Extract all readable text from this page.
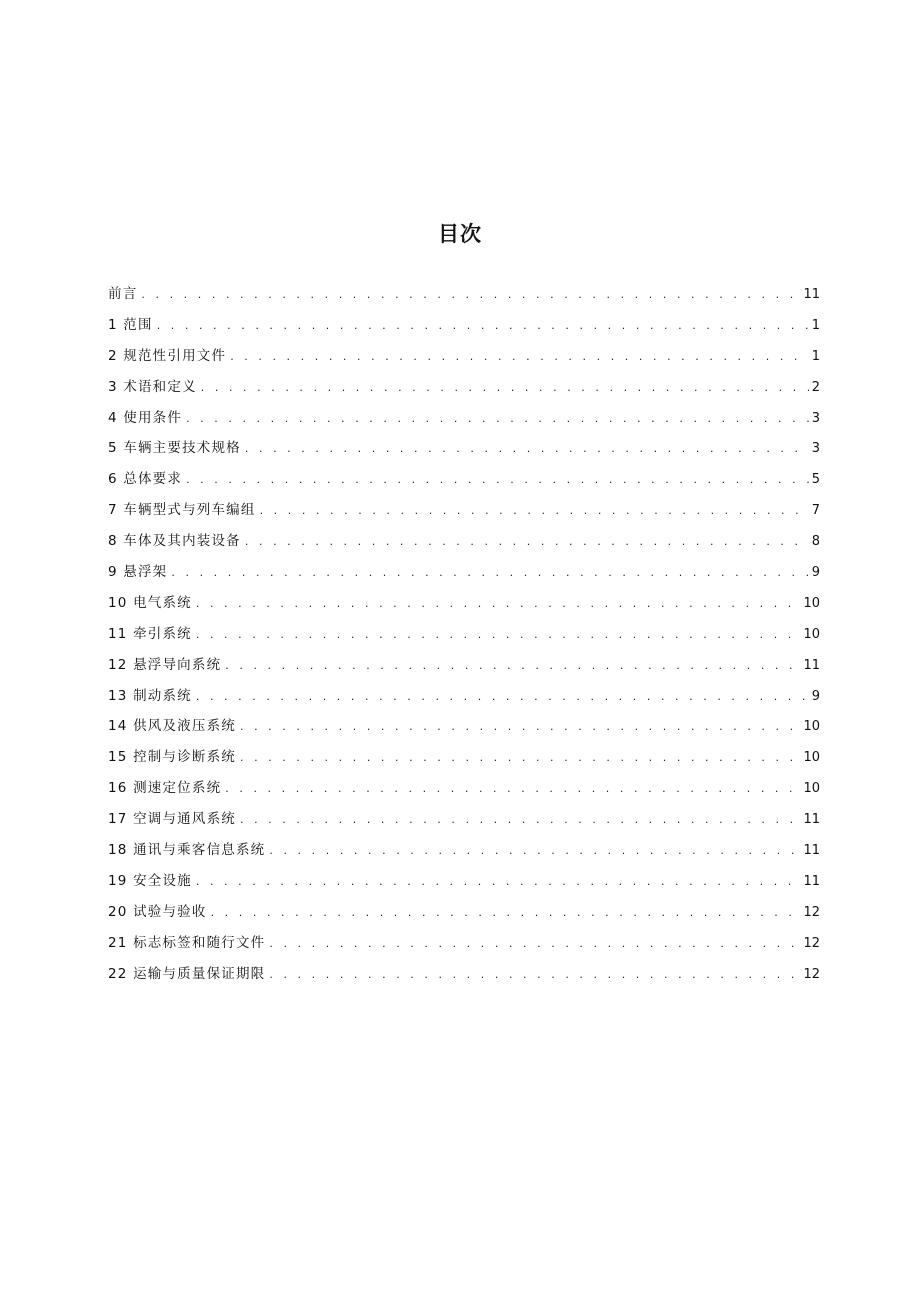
目次
前言 . . .	11
1 范围 . . .	1
2 规范性引用文件 . . .	1
3 术语和定义 . . .	2
4 使用条件 . . .	3
5 车辆主要技术规格 . . .	3
6 总体要求 . . .	5
7 车辆型式与列车编组 . . .	7
8 车体及其内装设备 . . .	8
9 悬浮架 . . .	9
10 电气系统 . . .	10
11 牵引系统 . . .	10
12 悬浮导向系统 . . .	11
13 制动系统 . . .	9
14 供风及液压系统 . . .	10
15 控制与诊断系统 . . .	10
16 测速定位系统 . . .	10
17 空调与通风系统 . . .	11
18 通讯与乘客信息系统 . . .	11
19 安全设施 . . .	11
20 试验与验收 . . .	12
21 标志标签和随行文件 . . .	12
22 运输与质量保证期限 . . .	12
